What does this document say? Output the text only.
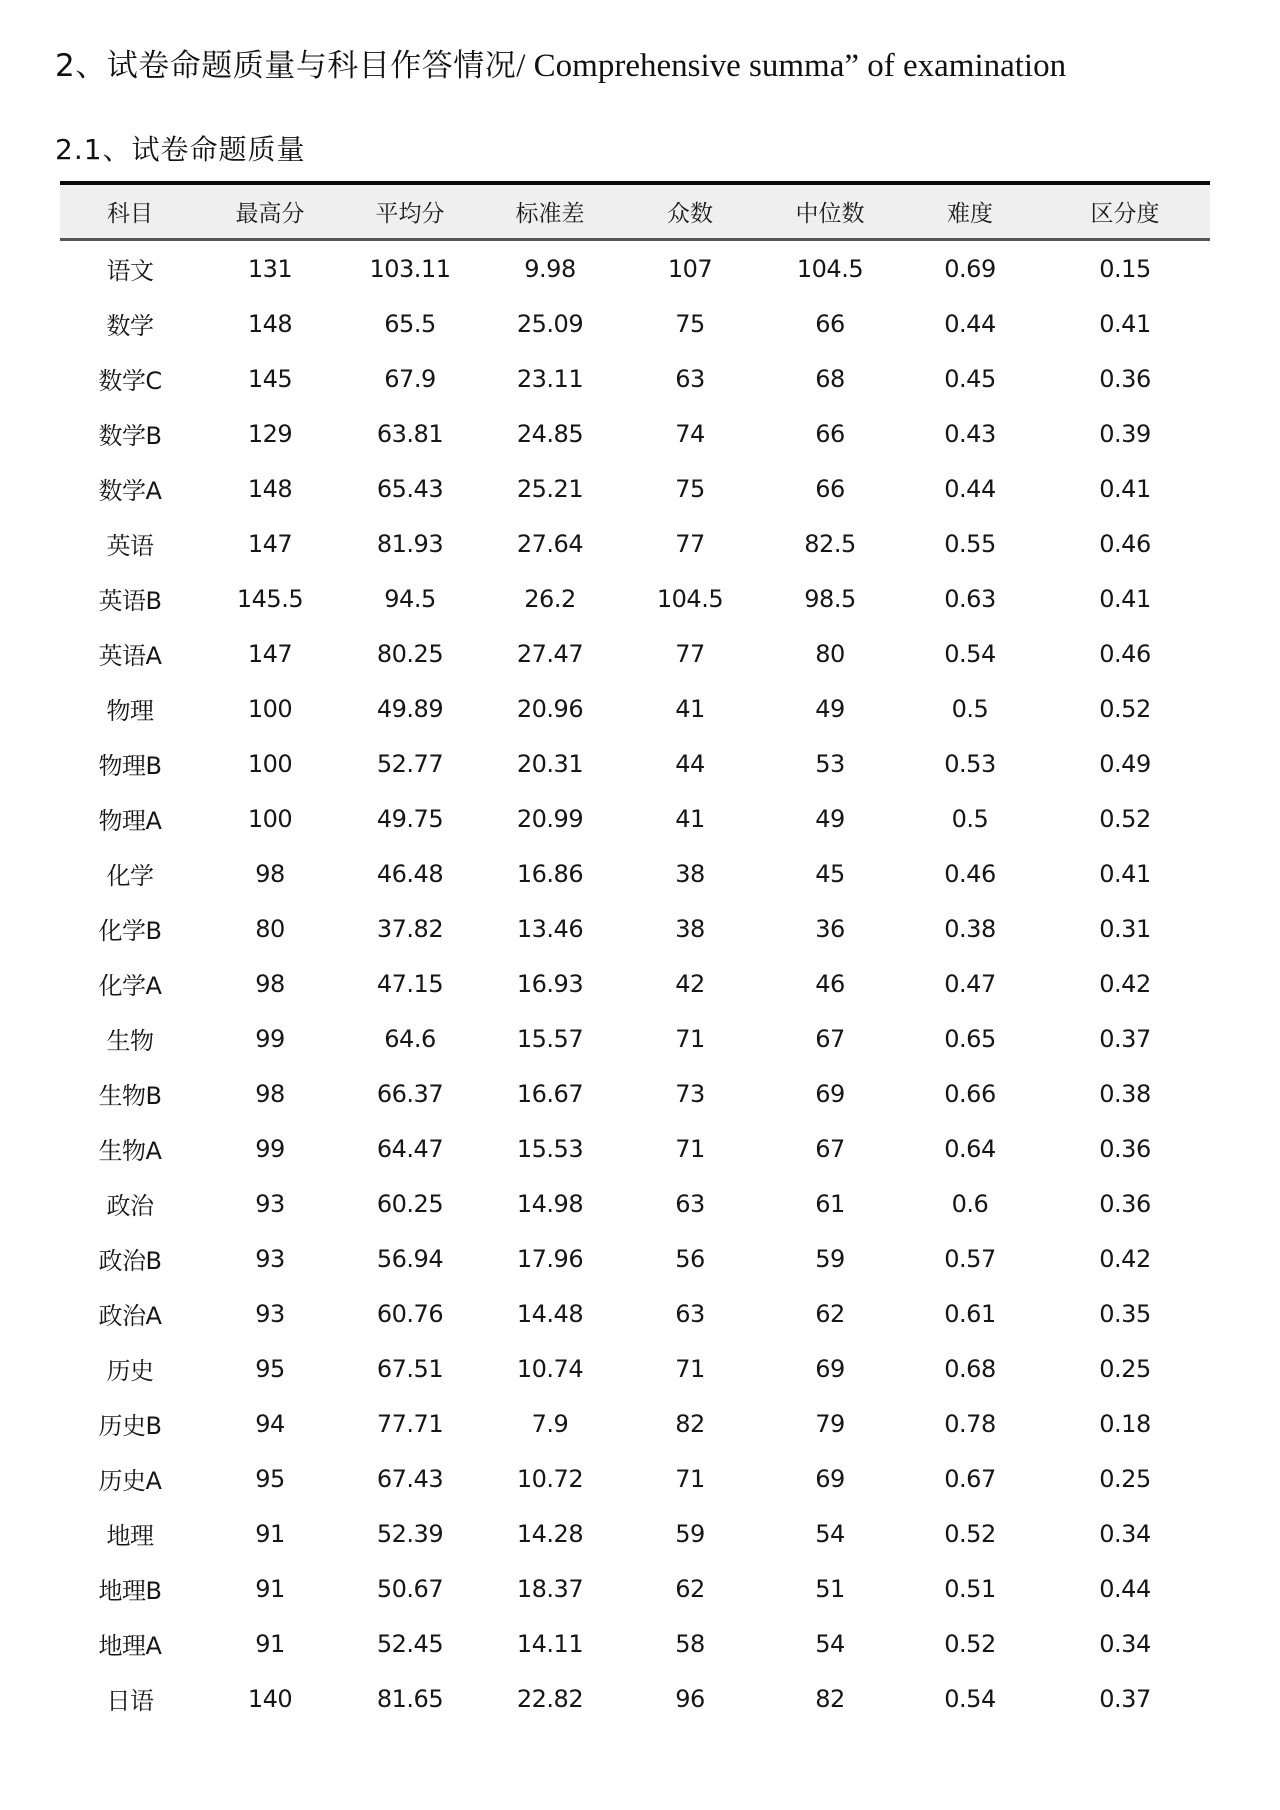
2、试卷命题质量与科目作答情况/ Comprehensive summa” of examination
2.1、试卷命题质量
科目	最高分	平均分	标准差	众数	中位数	难度	区分度
语文	131	103.11	9.98	107	104.5	0.69	0.15
数学	148	65.5	25.09	75	66	0.44	0.41
数学C	145	67.9	23.11	63	68	0.45	0.36
数学B	129	63.81	24.85	74	66	0.43	0.39
数学A	148	65.43	25.21	75	66	0.44	0.41
英语	147	81.93	27.64	77	82.5	0.55	0.46
英语B	145.5	94.5	26.2	104.5	98.5	0.63	0.41
英语A	147	80.25	27.47	77	80	0.54	0.46
物理	100	49.89	20.96	41	49	0.5	0.52
物理B	100	52.77	20.31	44	53	0.53	0.49
物理A	100	49.75	20.99	41	49	0.5	0.52
化学	98	46.48	16.86	38	45	0.46	0.41
化学B	80	37.82	13.46	38	36	0.38	0.31
化学A	98	47.15	16.93	42	46	0.47	0.42
生物	99	64.6	15.57	71	67	0.65	0.37
生物B	98	66.37	16.67	73	69	0.66	0.38
生物A	99	64.47	15.53	71	67	0.64	0.36
政治	93	60.25	14.98	63	61	0.6	0.36
政治B	93	56.94	17.96	56	59	0.57	0.42
政治A	93	60.76	14.48	63	62	0.61	0.35
历史	95	67.51	10.74	71	69	0.68	0.25
历史B	94	77.71	7.9	82	79	0.78	0.18
历史A	95	67.43	10.72	71	69	0.67	0.25
地理	91	52.39	14.28	59	54	0.52	0.34
地理B	91	50.67	18.37	62	51	0.51	0.44
地理A	91	52.45	14.11	58	54	0.52	0.34
日语	140	81.65	22.82	96	82	0.54	0.37
